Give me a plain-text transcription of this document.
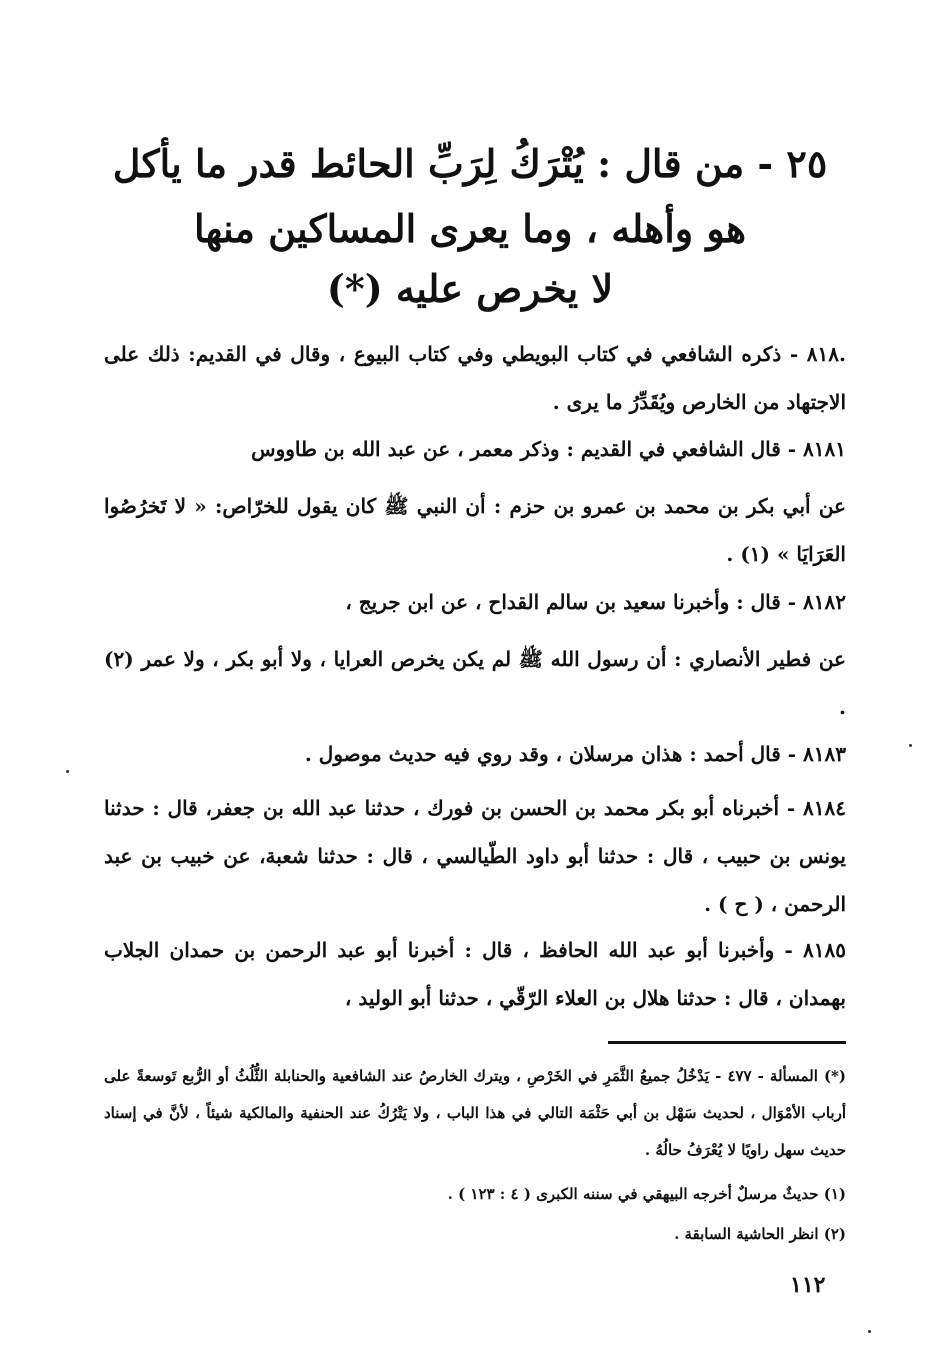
٢٥ - من قال : يُتْرَكُ لِرَبِّ الحائط قدر ما يأكل
هو وأهله ، وما يعرى المساكين منها
لا يخرص عليه (*)
.٨١٨ - ذكره الشافعي في كتاب البويطي وفي كتاب البيوع ، وقال في القديم: ذلك على الاجتهاد من الخارص ويُقَدِّرُ ما يرى .
٨١٨١ - قال الشافعي في القديم : وذكر معمر ، عن عبد الله بن طاووس
عن أبي بكر بن محمد بن عمرو بن حزم : أن النبي ﷺ كان يقول للخرّاص: « لا تَخرُصُوا العَرَايَا » (١) .
٨١٨٢ - قال : وأخبرنا سعيد بن سالم القداح ، عن ابن جريج ،
عن فطير الأنصاري : أن رسول الله ﷺ لم يكن يخرص العرايا ، ولا أبو بكر ، ولا عمر (٢) .
٨١٨٣ - قال أحمد : هذان مرسلان ، وقد روي فيه حديث موصول .
٨١٨٤ - أخبرناه أبو بكر محمد بن الحسن بن فورك ، حدثنا عبد الله بن جعفر، قال : حدثنا يونس بن حبيب ، قال : حدثنا أبو داود الطّيالسي ، قال : حدثنا شعبة، عن خبيب بن عبد الرحمن ، ( ح ) .
٨١٨٥ - وأخبرنا أبو عبد الله الحافظ ، قال : أخبرنا أبو عبد الرحمن بن حمدان الجلاب بهمدان ، قال : حدثنا هلال بن العلاء الرّقّي ، حدثنا أبو الوليد ،
(*) المسألة - ٤٧٧ - يَدْخُلُ جميعُ الثَّمَرِ في الخَرْصِ ، ويترك الخارصُ عند الشافعية والحنابلة الثُّلُثُ أو الرُّبع تَوسعةً على أرباب الأمْوَال ، لحديث سَهْل بن أبي حَثْمَة التالي في هذا الباب ، ولا يَتْرُكُ عند الحنفية والمالكية شيئاً ، لأنَّ في إسناد حديث سهل راويًا لا يُعْرَفُ حالُهُ .
(١) حديثٌ مرسلٌ أخرجه البيهقي في سننه الكبرى ( ٤ : ١٢٣ ) .
(٢) انظر الحاشية السابقة .
١١٢
